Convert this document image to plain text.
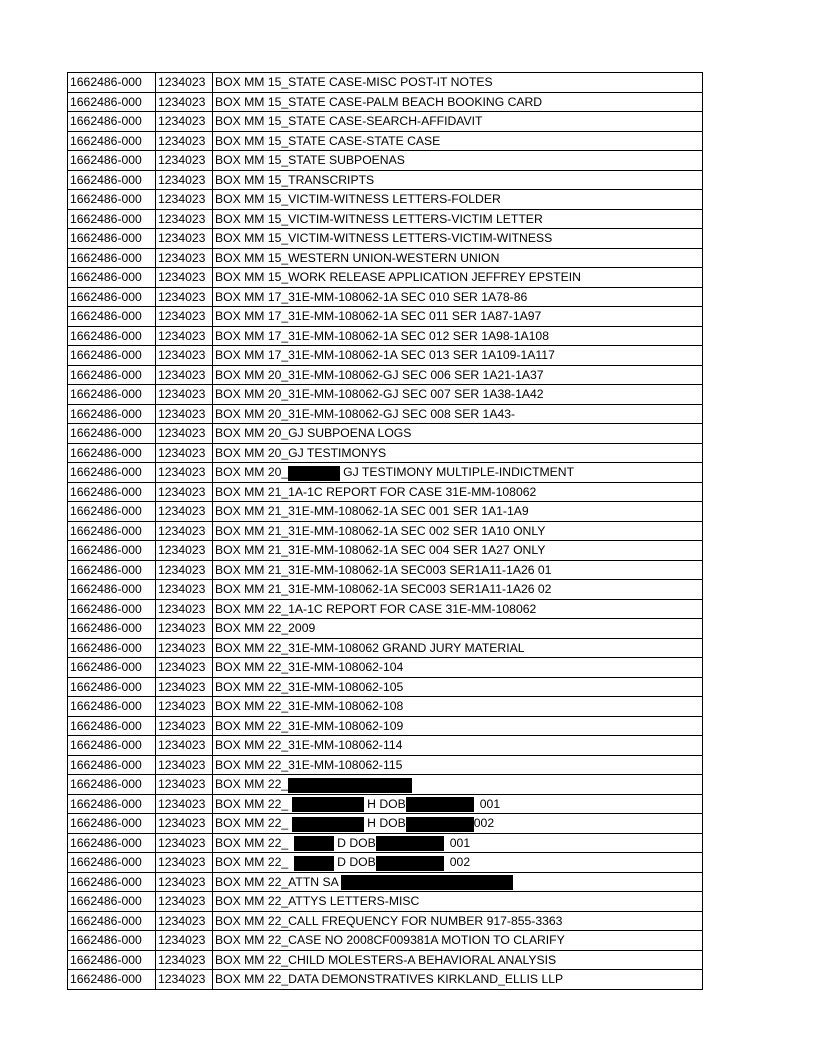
1662486-000	1234023	BOX MM 15_STATE CASE-MISC POST-IT NOTES
1662486-000	1234023	BOX MM 15_STATE CASE-PALM BEACH BOOKING CARD
1662486-000	1234023	BOX MM 15_STATE CASE-SEARCH-AFFIDAVIT
1662486-000	1234023	BOX MM 15_STATE CASE-STATE CASE
1662486-000	1234023	BOX MM 15_STATE SUBPOENAS
1662486-000	1234023	BOX MM 15_TRANSCRIPTS
1662486-000	1234023	BOX MM 15_VICTIM-WITNESS LETTERS-FOLDER
1662486-000	1234023	BOX MM 15_VICTIM-WITNESS LETTERS-VICTIM LETTER
1662486-000	1234023	BOX MM 15_VICTIM-WITNESS LETTERS-VICTIM-WITNESS
1662486-000	1234023	BOX MM 15_WESTERN UNION-WESTERN UNION
1662486-000	1234023	BOX MM 15_WORK RELEASE APPLICATION JEFFREY EPSTEIN
1662486-000	1234023	BOX MM 17_31E-MM-108062-1A SEC 010 SER 1A78-86
1662486-000	1234023	BOX MM 17_31E-MM-108062-1A SEC 011 SER 1A87-1A97
1662486-000	1234023	BOX MM 17_31E-MM-108062-1A SEC 012 SER 1A98-1A108
1662486-000	1234023	BOX MM 17_31E-MM-108062-1A SEC 013 SER 1A109-1A117
1662486-000	1234023	BOX MM 20_31E-MM-108062-GJ SEC 006 SER 1A21-1A37
1662486-000	1234023	BOX MM 20_31E-MM-108062-GJ SEC 007 SER 1A38-1A42
1662486-000	1234023	BOX MM 20_31E-MM-108062-GJ SEC 008 SER 1A43-
1662486-000	1234023	BOX MM 20_GJ SUBPOENA LOGS
1662486-000	1234023	BOX MM 20_GJ TESTIMONYS
1662486-000	1234023	BOX MM 20_ GJ TESTIMONY MULTIPLE-INDICTMENT
1662486-000	1234023	BOX MM 21_1A-1C REPORT FOR CASE 31E-MM-108062
1662486-000	1234023	BOX MM 21_31E-MM-108062-1A SEC 001 SER 1A1-1A9
1662486-000	1234023	BOX MM 21_31E-MM-108062-1A SEC 002 SER 1A10 ONLY
1662486-000	1234023	BOX MM 21_31E-MM-108062-1A SEC 004 SER 1A27 ONLY
1662486-000	1234023	BOX MM 21_31E-MM-108062-1A SEC003 SER1A11-1A26 01
1662486-000	1234023	BOX MM 21_31E-MM-108062-1A SEC003 SER1A11-1A26 02
1662486-000	1234023	BOX MM 22_1A-1C REPORT FOR CASE 31E-MM-108062
1662486-000	1234023	BOX MM 22_2009
1662486-000	1234023	BOX MM 22_31E-MM-108062 GRAND JURY MATERIAL
1662486-000	1234023	BOX MM 22_31E-MM-108062-104
1662486-000	1234023	BOX MM 22_31E-MM-108062-105
1662486-000	1234023	BOX MM 22_31E-MM-108062-108
1662486-000	1234023	BOX MM 22_31E-MM-108062-109
1662486-000	1234023	BOX MM 22_31E-MM-108062-114
1662486-000	1234023	BOX MM 22_31E-MM-108062-115
1662486-000	1234023	BOX MM 22_
1662486-000	1234023	BOX MM 22_ H DOB 001
1662486-000	1234023	BOX MM 22_ H DOB 002
1662486-000	1234023	BOX MM 22_ D DOB 001
1662486-000	1234023	BOX MM 22_ D DOB 002
1662486-000	1234023	BOX MM 22_ATTN SA
1662486-000	1234023	BOX MM 22_ATTYS LETTERS-MISC
1662486-000	1234023	BOX MM 22_CALL FREQUENCY FOR NUMBER 917-855-3363
1662486-000	1234023	BOX MM 22_CASE NO 2008CF009381A MOTION TO CLARIFY
1662486-000	1234023	BOX MM 22_CHILD MOLESTERS-A BEHAVIORAL ANALYSIS
1662486-000	1234023	BOX MM 22_DATA DEMONSTRATIVES KIRKLAND_ELLIS LLP
